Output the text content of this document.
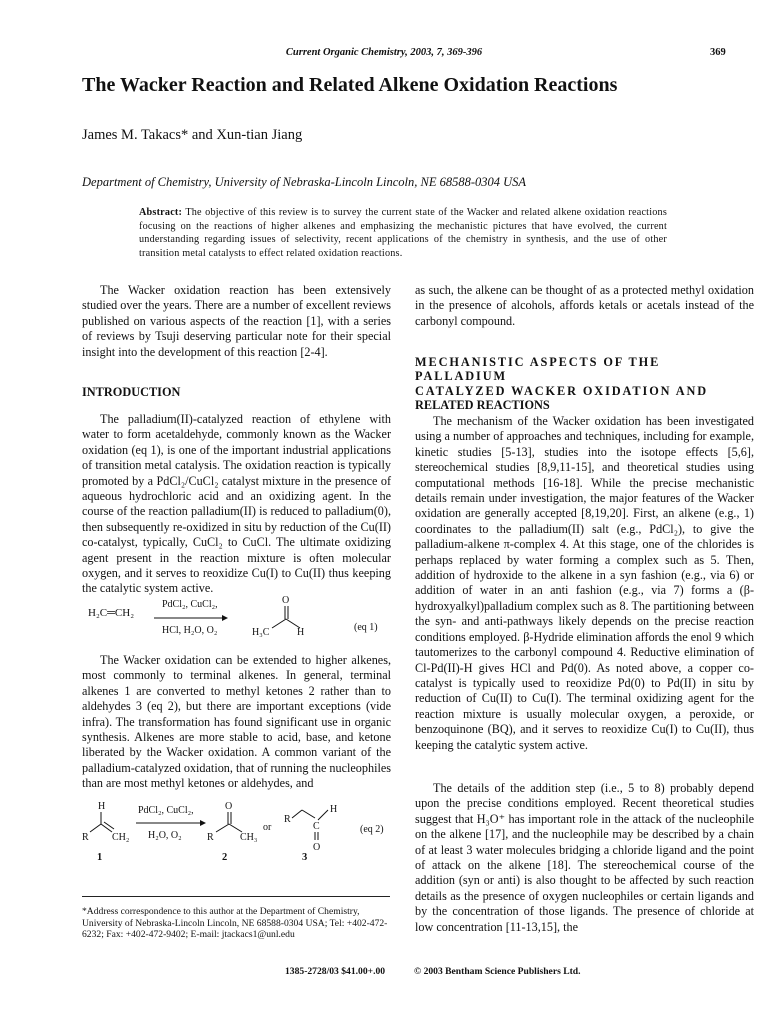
Current Organic Chemistry, 2003, 7, 369-396	369
The Wacker Reaction and Related Alkene Oxidation Reactions
James M. Takacs* and Xun-tian Jiang
Department of Chemistry, University of Nebraska-Lincoln Lincoln, NE 68588-0304 USA
Abstract: The objective of this review is to survey the current state of the Wacker and related alkene oxidation reactions focusing on the reactions of higher alkenes and emphasizing the mechanistic pictures that have evolved, the current understanding regarding issues of selectivity, recent applications of the chemistry in synthesis, and the use of other transition metal catalysts to effect related oxidation reactions.

The Wacker oxidation reaction has been extensively studied over the years. There are a number of excellent reviews published on various aspects of the reaction [1], with a series of reviews by Tsuji deserving particular note for their special insight into the development of this reaction [2-4].

INTRODUCTION

The palladium(II)-catalyzed reaction of ethylene with water to form acetaldehyde, commonly known as the Wacker oxidation (eq 1), is one of the important industrial applications of transition metal catalysis. The oxidation reaction is typically promoted by a PdCl₂/CuCl₂ catalyst mixture in the presence of aqueous hydrochloric acid and an oxidizing agent. In the course of the reaction palladium(II) is reduced to palladium(0), then subsequently re-oxidized in situ by reduction of the Cu(II) co-catalyst, typically, CuCl₂ to CuCl. The ultimate oxidizing agent present in the reaction mixture is often molecular oxygen, and it serves to reoxidize Cu(I) to Cu(II) thus keeping the catalytic system active.

H₂C═CH₂
PdCl₂, CuCl₂,
HCl, H₂O, O₂
O
H₃C	H	(eq 1)

The Wacker oxidation can be extended to higher alkenes, most commonly to terminal alkenes. In general, terminal alkenes 1 are converted to methyl ketones 2 rather than to aldehydes 3 (eq 2), but there are important exceptions (vide infra). The transformation has found significant use in organic synthesis. Alkenes are more stable to acid, base, and ketone liberated by the Wacker oxidation. A common variant of the palladium-catalyzed oxidation, that of running the nucleophiles than are most methyl ketones or aldehydes, and

H
R CH₂
PdCl₂, CuCl₂,
H₂O, O₂
O
R	CH₃
or
R
H
C
O
(eq 2)
1	2	3
*Address correspondence to this author at the Department of Chemistry, University of Nebraska-Lincoln Lincoln, NE 68588-0304 USA; Tel: +402-472-6232; Fax: +402-472-9402; E-mail: jtackacs1@unl.edu
as such, the alkene can be thought of as a protected methyl oxidation in the presence of alcohols, affords ketals or acetals instead of the carbonyl compound.
MECHANISTIC ASPECTS OF THE PALLADIUM
CATALYZED WACKER OXIDATION AND
RELATED REACTIONS

The mechanism of the Wacker oxidation has been investigated using a number of approaches and techniques, including for example, kinetic studies [5-13], studies into the isotope effects [5,6], stereochemical studies [8,9,11-15], and theoretical studies using computational methods [16-18]. While the precise mechanistic details remain under investigation, the major features of the Wacker oxidation are generally accepted [8,19,20]. First, an alkene (e.g., 1) coordinates to the palladium(II) salt (e.g., PdCl₂), to give the palladium-alkene π-complex 4. At this stage, one of the chlorides is perhaps replaced by water forming a complex such as 5. Then, addition of hydroxide to the alkene in a syn fashion (e.g., via 6) or addition of water in an anti fashion (e.g., via 7) forms a (β-hydroxyalkyl)palladium complex such as 8. The partitioning between the syn- and anti-pathways likely depends on the precise reaction conditions employed. β-Hydride elimination affords the enol 9 which tautomerizes to the carbonyl compound 4. Reductive elimination of Cl-Pd(II)-H gives HCl and Pd(0). As noted above, a copper co-catalyst is typically used to reoxidize Pd(0) to Pd(II) in situ by reduction of Cu(II) to Cu(I). The terminal oxidizing agent for the reaction mixture is usually molecular oxygen, a peroxide, or benzoquinone (BQ), and it serves to reoxidize Cu(I) to Cu(II), thus keeping the catalytic system active.

The details of the addition step (i.e., 5 to 8) probably depend upon the precise conditions employed. Recent theoretical studies suggest that H₃O⁺ has important role in the attack of the nucleophile on the alkene [17], and the nucleophile may be described by a chain of at least 3 water molecules bridging a chloride ligand and the point of attack on the alkene [18]. The stereochemical course of the addition (syn or anti) is also thought to be affected by such reaction details as the presence of oxygen nucleophiles or certain ligands and by the concentration of those ligands. The presence of chloride at low concentration [11-13,15], the

1385-2728/03 $41.00+.00	© 2003 Bentham Science Publishers Ltd.
